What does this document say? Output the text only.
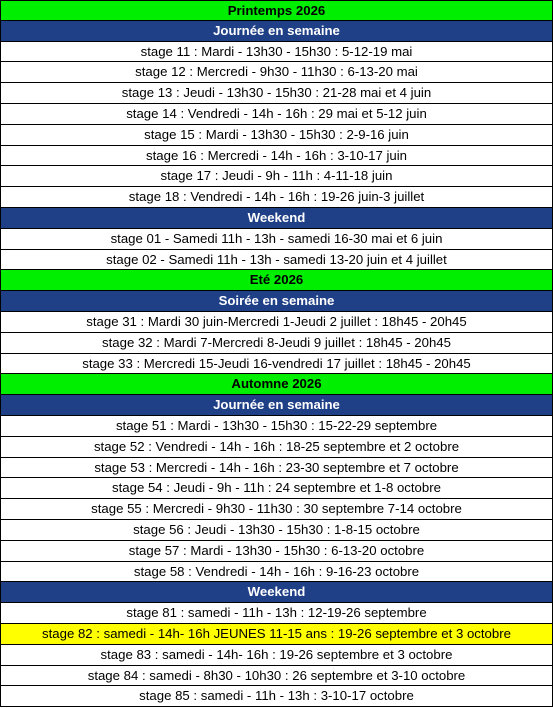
Printemps 2026
Journée en semaine
stage 11 : Mardi - 13h30 - 15h30 : 5-12-19 mai
stage 12 : Mercredi - 9h30 - 11h30 : 6-13-20 mai
stage 13 : Jeudi - 13h30 - 15h30 : 21-28 mai et 4 juin
stage 14 : Vendredi - 14h - 16h : 29 mai et 5-12 juin
stage 15 : Mardi - 13h30 - 15h30 : 2-9-16 juin
stage 16 : Mercredi - 14h - 16h : 3-10-17 juin
stage 17 : Jeudi - 9h - 11h : 4-11-18 juin
stage 18 : Vendredi - 14h - 16h : 19-26 juin-3 juillet
Weekend
stage 01 - Samedi 11h - 13h - samedi 16-30 mai et 6 juin
stage 02 - Samedi 11h - 13h - samedi 13-20 juin et 4 juillet
Eté 2026
Soirée en semaine
stage 31 : Mardi 30 juin-Mercredi 1-Jeudi 2 juillet : 18h45 - 20h45
stage 32 : Mardi 7-Mercredi 8-Jeudi 9 juillet : 18h45 - 20h45
stage 33 : Mercredi 15-Jeudi 16-vendredi 17 juillet : 18h45 - 20h45
Automne 2026
Journée en semaine
stage 51 : Mardi - 13h30 - 15h30 : 15-22-29 septembre
stage 52 : Vendredi - 14h - 16h : 18-25 septembre et 2 octobre
stage 53 : Mercredi - 14h - 16h : 23-30 septembre et 7 octobre
stage 54 : Jeudi - 9h - 11h : 24 septembre et 1-8 octobre
stage 55 : Mercredi - 9h30 - 11h30 : 30 septembre 7-14 octobre
stage 56 : Jeudi - 13h30 - 15h30 : 1-8-15 octobre
stage 57 : Mardi - 13h30 - 15h30 : 6-13-20 octobre
stage 58 : Vendredi - 14h - 16h : 9-16-23 octobre
Weekend
stage 81 : samedi - 11h - 13h : 12-19-26 septembre
stage 82 : samedi - 14h- 16h JEUNES 11-15 ans : 19-26 septembre et 3 octobre
stage 83 : samedi - 14h- 16h : 19-26 septembre et 3 octobre
stage 84 : samedi - 8h30 - 10h30 : 26 septembre et 3-10 octobre
stage 85 : samedi - 11h - 13h : 3-10-17 octobre
